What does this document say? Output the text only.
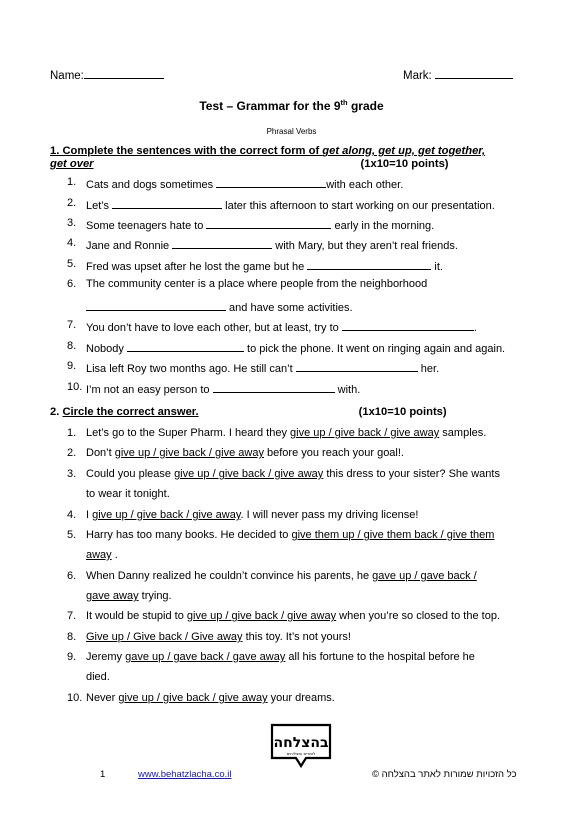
Name:	Mark:
Test – Grammar for the 9th grade
Phrasal Verbs
1. Complete the sentences with the correct form of get along, get up, get together,
get over	(1x10=10 points)
1. Cats and dogs sometimes	with each other.
2. Let’s	later this afternoon to start working on our presentation.
3. Some teenagers hate to	early in the morning.
4. Jane and Ronnie	with Mary, but they aren’t real friends.
5. Fred was upset after he lost the game but he	it.
6. The community center is a place where people from the neighborhood
and have some activities.
7. You don’t have to love each other, but at least, try to	.
8. Nobody	to pick the phone. It went on ringing again and again.
9. Lisa left Roy two months ago. He still can’t	her.
10. I’m not an easy person to	with.
2. Circle the correct answer.	(1x10=10 points)
1. Let’s go to the Super Pharm. I heard they give up / give back / give away samples.
2. Don’t give up / give back / give away before you reach your goal!.
3. Could you please give up / give back / give away this dress to your sister? She wants
to wear it tonight.
4. I give up / give back / give away. I will never pass my driving license!
5. Harry has too many books. He decided to give them up / give them back / give them
away .
6. When Danny realized he couldn’t convince his parents, he gave up / gave back /
gave away trying.
7. It would be stupid to give up / give back / give away when you’re so closed to the top.
8. Give up / Give back / Give away this toy. It’s not yours!
9. Jeremy gave up / gave back / gave away all his fortune to the hospital before he
died.
10. Never give up / give back / give away your dreams.
בהצלחה
לומדים ומצליחים
1	www.behatzlacha.co.il	כל הזכויות שמורות לאתר בהצלחה ©
